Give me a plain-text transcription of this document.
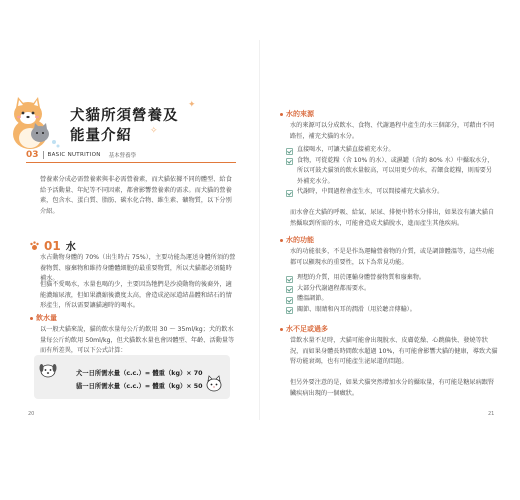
犬貓所須營養及
能量介紹
✦
✧
03 BASIC NUTRITION 基本營養學
營養素分成必需營養素與非必需營養素，而犬貓依據不同的體型、給食給予活動量、年紀等不同因素，都會影響營養素的需求。而犬貓的營養素，包含水、蛋白質、脂肪、碳水化合物、維生素、礦物質，以下分別介紹。
01 水
水占動物身體的 70%（出生時占 75%），主要功能為運送身體所須的營養物質、廢棄物和維持身體體細胞的最重要物質，所以犬貓都必須隨時補水。
但貓不愛喝水，水量也喝的少，主要因為牠們是沙漠動物的後裔外，適能濃縮尿液，但如果濃縮後濃度太高，會造成泌尿道結晶體和結石的情形產生，所以需要讓貓適時的喝水。
飲水量
以一般犬貓來說，貓的飲水量每公斤約飲用 30 ～ 35ml/kg；犬的飲水量每公斤約飲用 50ml/kg，但犬貓飲水量也會因體型、年齡、活動量等而有所差異，可以下公式計算：
犬一日所需水量（c.c.）= 體重（kg）× 70
貓一日所需水量（c.c.）= 體重（kg）× 50
20
水的來源
水的來源可以分成飲水、食物、代謝過程中產生的水三個部分，可藉由不同路徑，補充犬貓的水分。
直接喝水，可讓犬貓直接補充水分。
食物，可從乾糧（含 10% 的水）、或濕罐（含約 80% 水）中攝取水分，所以可鼓犬貓須的飲水量較高，可以用更少的水，若餵食乾糧，則需要另外補充水分。
代謝時，中間過程會產生水，可以間接補充犬貓水分。
而水會在犬貓的呼吸、給氣、尿尿、排便中將水分排出，如果沒有讓犬貓自然攝取到所需的水，可能會造成犬貓脫水，進而產生其他疾病。
水的功能
水的功能很多，不是是作為運輸營養物的介質，或是調節體溫等，這些功能都可以顯現水的重要性，以下為常見功能。
理想的介質，用於運輸身體營養物質和廢棄物。
大部分代謝過程都需要水。
體溫調節。
關節、眼睛和內耳的潤滑（用於聽音傳輸）。
水不足或過多
當飲水量不足時，犬貓可能會出現脫水、皮膚乾燥、心跳偏快、發燒等狀況，而如果身體長時間飲水超過 10%，有可能會影響犬貓的健康，導致犬貓腎功能衰竭，也有可能產生泌尿道的問題。
但另外要注意的是，如果犬貓突然增加水分的攝取量，有可能是糖尿病跟腎臟疾病出現的一個癥狀。
21
